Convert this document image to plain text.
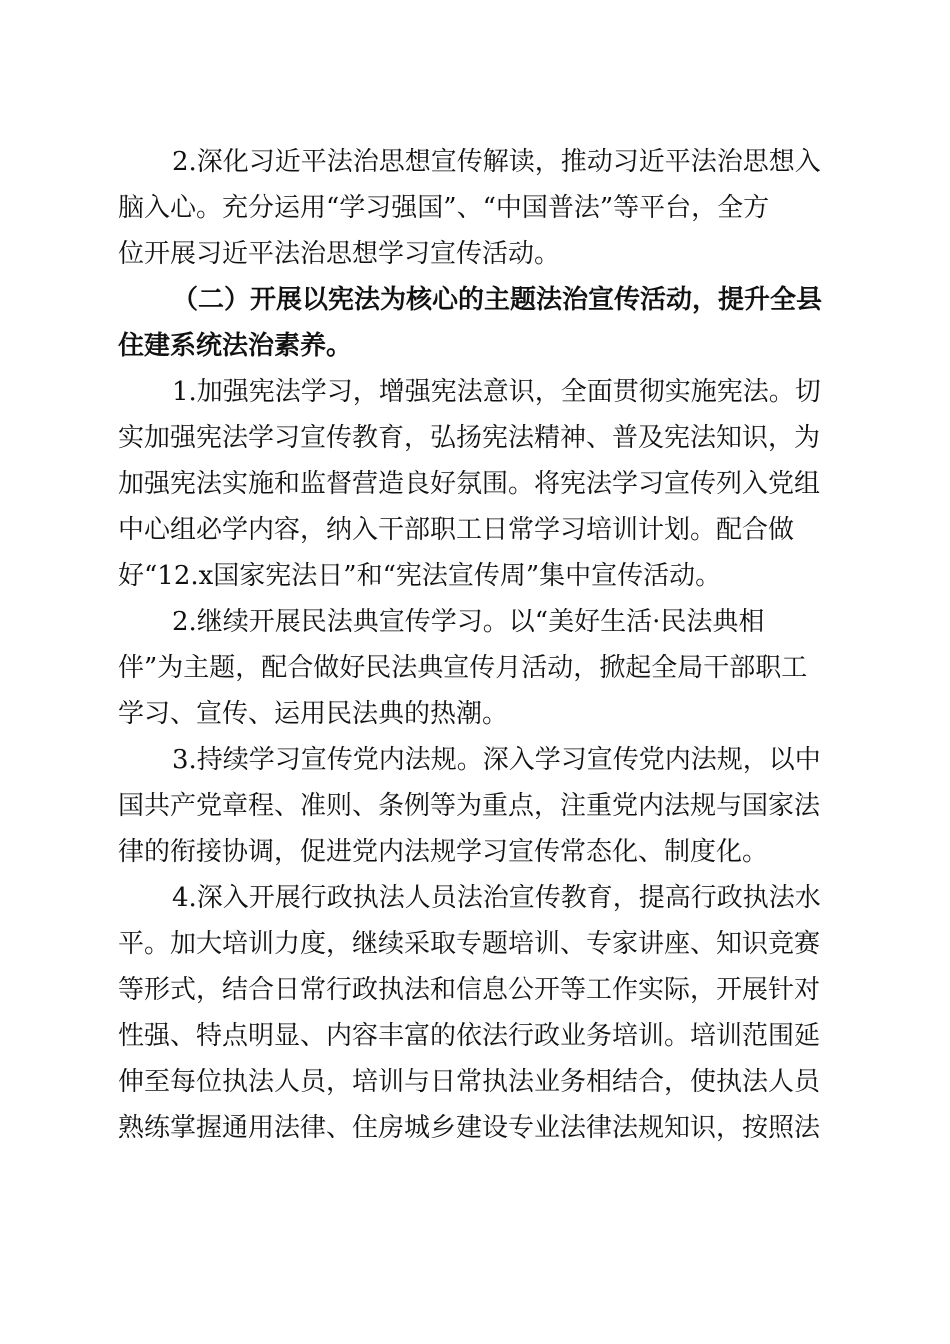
2.深化习近平法治思想宣传解读，推动习近平法治思想入

脑入心。充分运用“学习强国”、“中国普法”等平台，全方

位开展习近平法治思想学习宣传活动。

（二）开展以宪法为核心的主题法治宣传活动，提升全县

住建系统法治素养。

1.加强宪法学习，增强宪法意识，全面贯彻实施宪法。切

实加强宪法学习宣传教育，弘扬宪法精神、普及宪法知识，为

加强宪法实施和监督营造良好氛围。将宪法学习宣传列入党组

中心组必学内容，纳入干部职工日常学习培训计划。配合做

好“12.x国家宪法日”和“宪法宣传周”集中宣传活动。

2.继续开展民法典宣传学习。以“美好生活·民法典相

伴”为主题，配合做好民法典宣传月活动，掀起全局干部职工

学习、宣传、运用民法典的热潮。

3.持续学习宣传党内法规。深入学习宣传党内法规，以中

国共产党章程、准则、条例等为重点，注重党内法规与国家法

律的衔接协调，促进党内法规学习宣传常态化、制度化。

4.深入开展行政执法人员法治宣传教育，提高行政执法水

平。加大培训力度，继续采取专题培训、专家讲座、知识竞赛

等形式，结合日常行政执法和信息公开等工作实际，开展针对

性强、特点明显、内容丰富的依法行政业务培训。培训范围延

伸至每位执法人员，培训与日常执法业务相结合，使执法人员

熟练掌握通用法律、住房城乡建设专业法律法规知识，按照法
